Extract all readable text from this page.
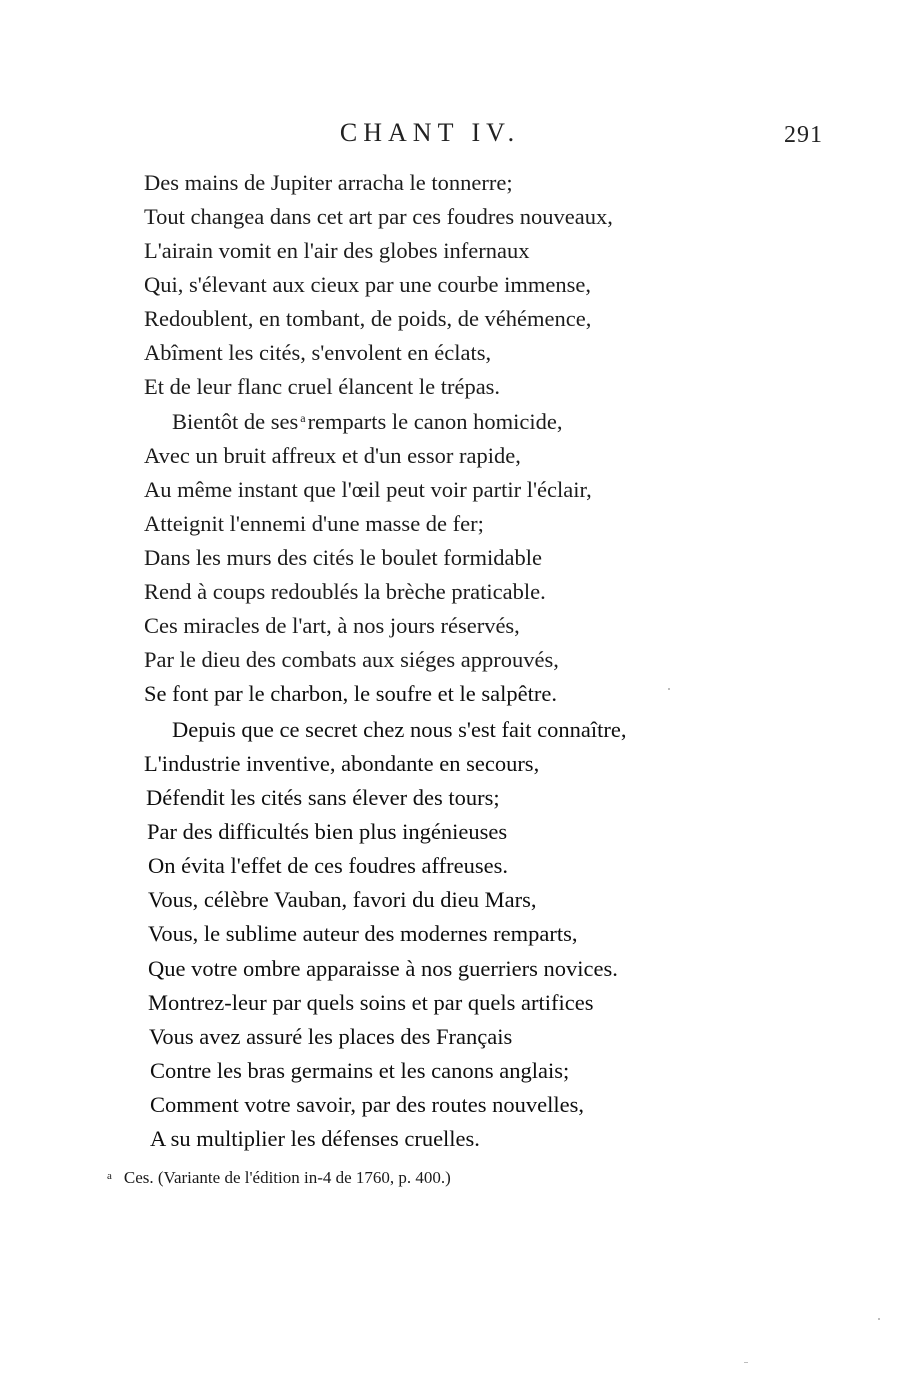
CHANT IV.	291
Des mains de Jupiter arracha le tonnerre;
Tout changea dans cet art par ces foudres nouveaux,
L'airain vomit en l'air des globes infernaux
Qui, s'élevant aux cieux par une courbe immense,
Redoublent, en tombant, de poids, de véhémence,
Abîment les cités, s'envolent en éclats,
Et de leur flanc cruel élancent le trépas.
Bientôt de ses $^a$remparts le canon homicide,
Avec un bruit affreux et d'un essor rapide,
Au même instant que l'œil peut voir partir l'éclair,
Atteignit l'ennemi d'une masse de fer;
Dans les murs des cités le boulet formidable
Rend à coups redoublés la brèche praticable.
Ces miracles de l'art, à nos jours réservés,
Par le dieu des combats aux siéges approuvés,
Se font par le charbon, le soufre et le salpêtre.
Depuis que ce secret chez nous s'est fait connaître,
L'industrie inventive, abondante en secours,
Défendit les cités sans élever des tours;
Par des difficultés bien plus ingénieuses
On évita l'effet de ces foudres affreuses.
Vous, célèbre Vauban, favori du dieu Mars,
Vous, le sublime auteur des modernes remparts,
Que votre ombre apparaisse à nos guerriers novices.
Montrez-leur par quels soins et par quels artifices
Vous avez assuré les places des Français
Contre les bras germains et les canons anglais;
Comment votre savoir, par des routes nouvelles,
A su multiplier les défenses cruelles.
$^a$ Ces. (Variante de l'édition in-4 de 1760, p. 400.)
